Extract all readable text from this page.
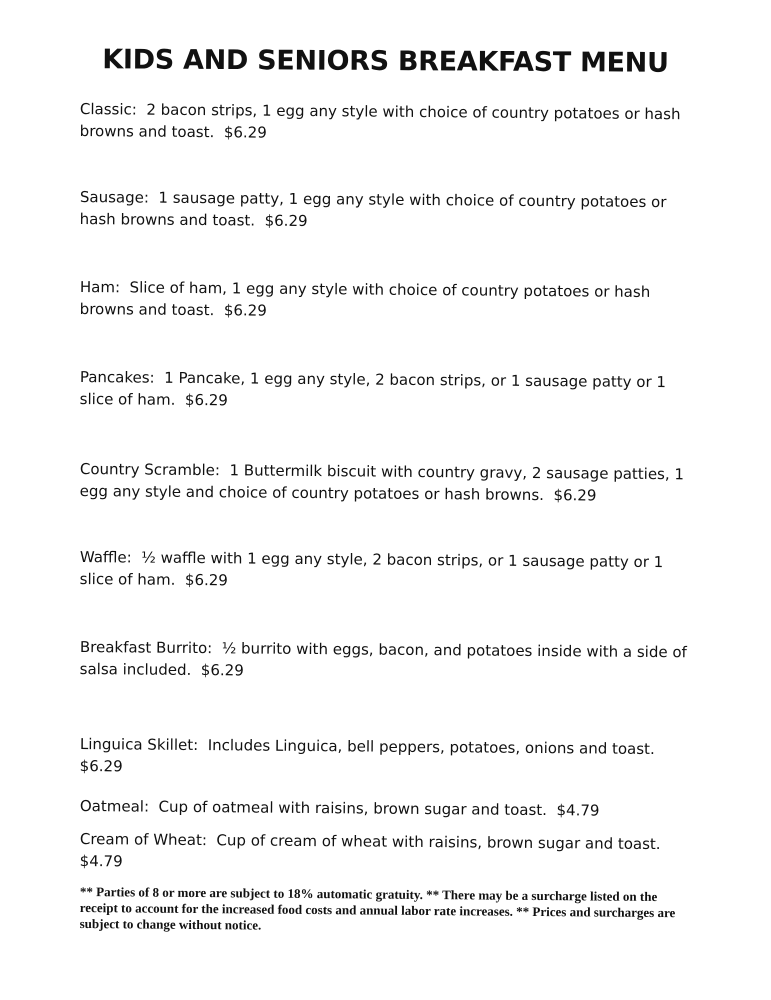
KIDS AND SENIORS BREAKFAST MENU

Classic: 2 bacon strips, 1 egg any style with choice of country potatoes or hash browns and toast. $6.29

Sausage: 1 sausage patty, 1 egg any style with choice of country potatoes or hash browns and toast. $6.29

Ham: Slice of ham, 1 egg any style with choice of country potatoes or hash browns and toast. $6.29

Pancakes: 1 Pancake, 1 egg any style, 2 bacon strips, or 1 sausage patty or 1 slice of ham. $6.29

Country Scramble: 1 Buttermilk biscuit with country gravy, 2 sausage patties, 1 egg any style and choice of country potatoes or hash browns. $6.29

Waffle: ½ waffle with 1 egg any style, 2 bacon strips, or 1 sausage patty or 1 slice of ham. $6.29

Breakfast Burrito: ½ burrito with eggs, bacon, and potatoes inside with a side of salsa included. $6.29

Linguica Skillet: Includes Linguica, bell peppers, potatoes, onions and toast.  $6.29

Oatmeal: Cup of oatmeal with raisins, brown sugar and toast. $4.79

Cream of Wheat: Cup of cream of wheat with raisins, brown sugar and toast.  $4.79

** Parties of 8 or more are subject to 18% automatic gratuity. ** There may be a surcharge listed on the receipt to account for the increased food costs and annual labor rate increases. ** Prices and surcharges are subject to change without notice.
